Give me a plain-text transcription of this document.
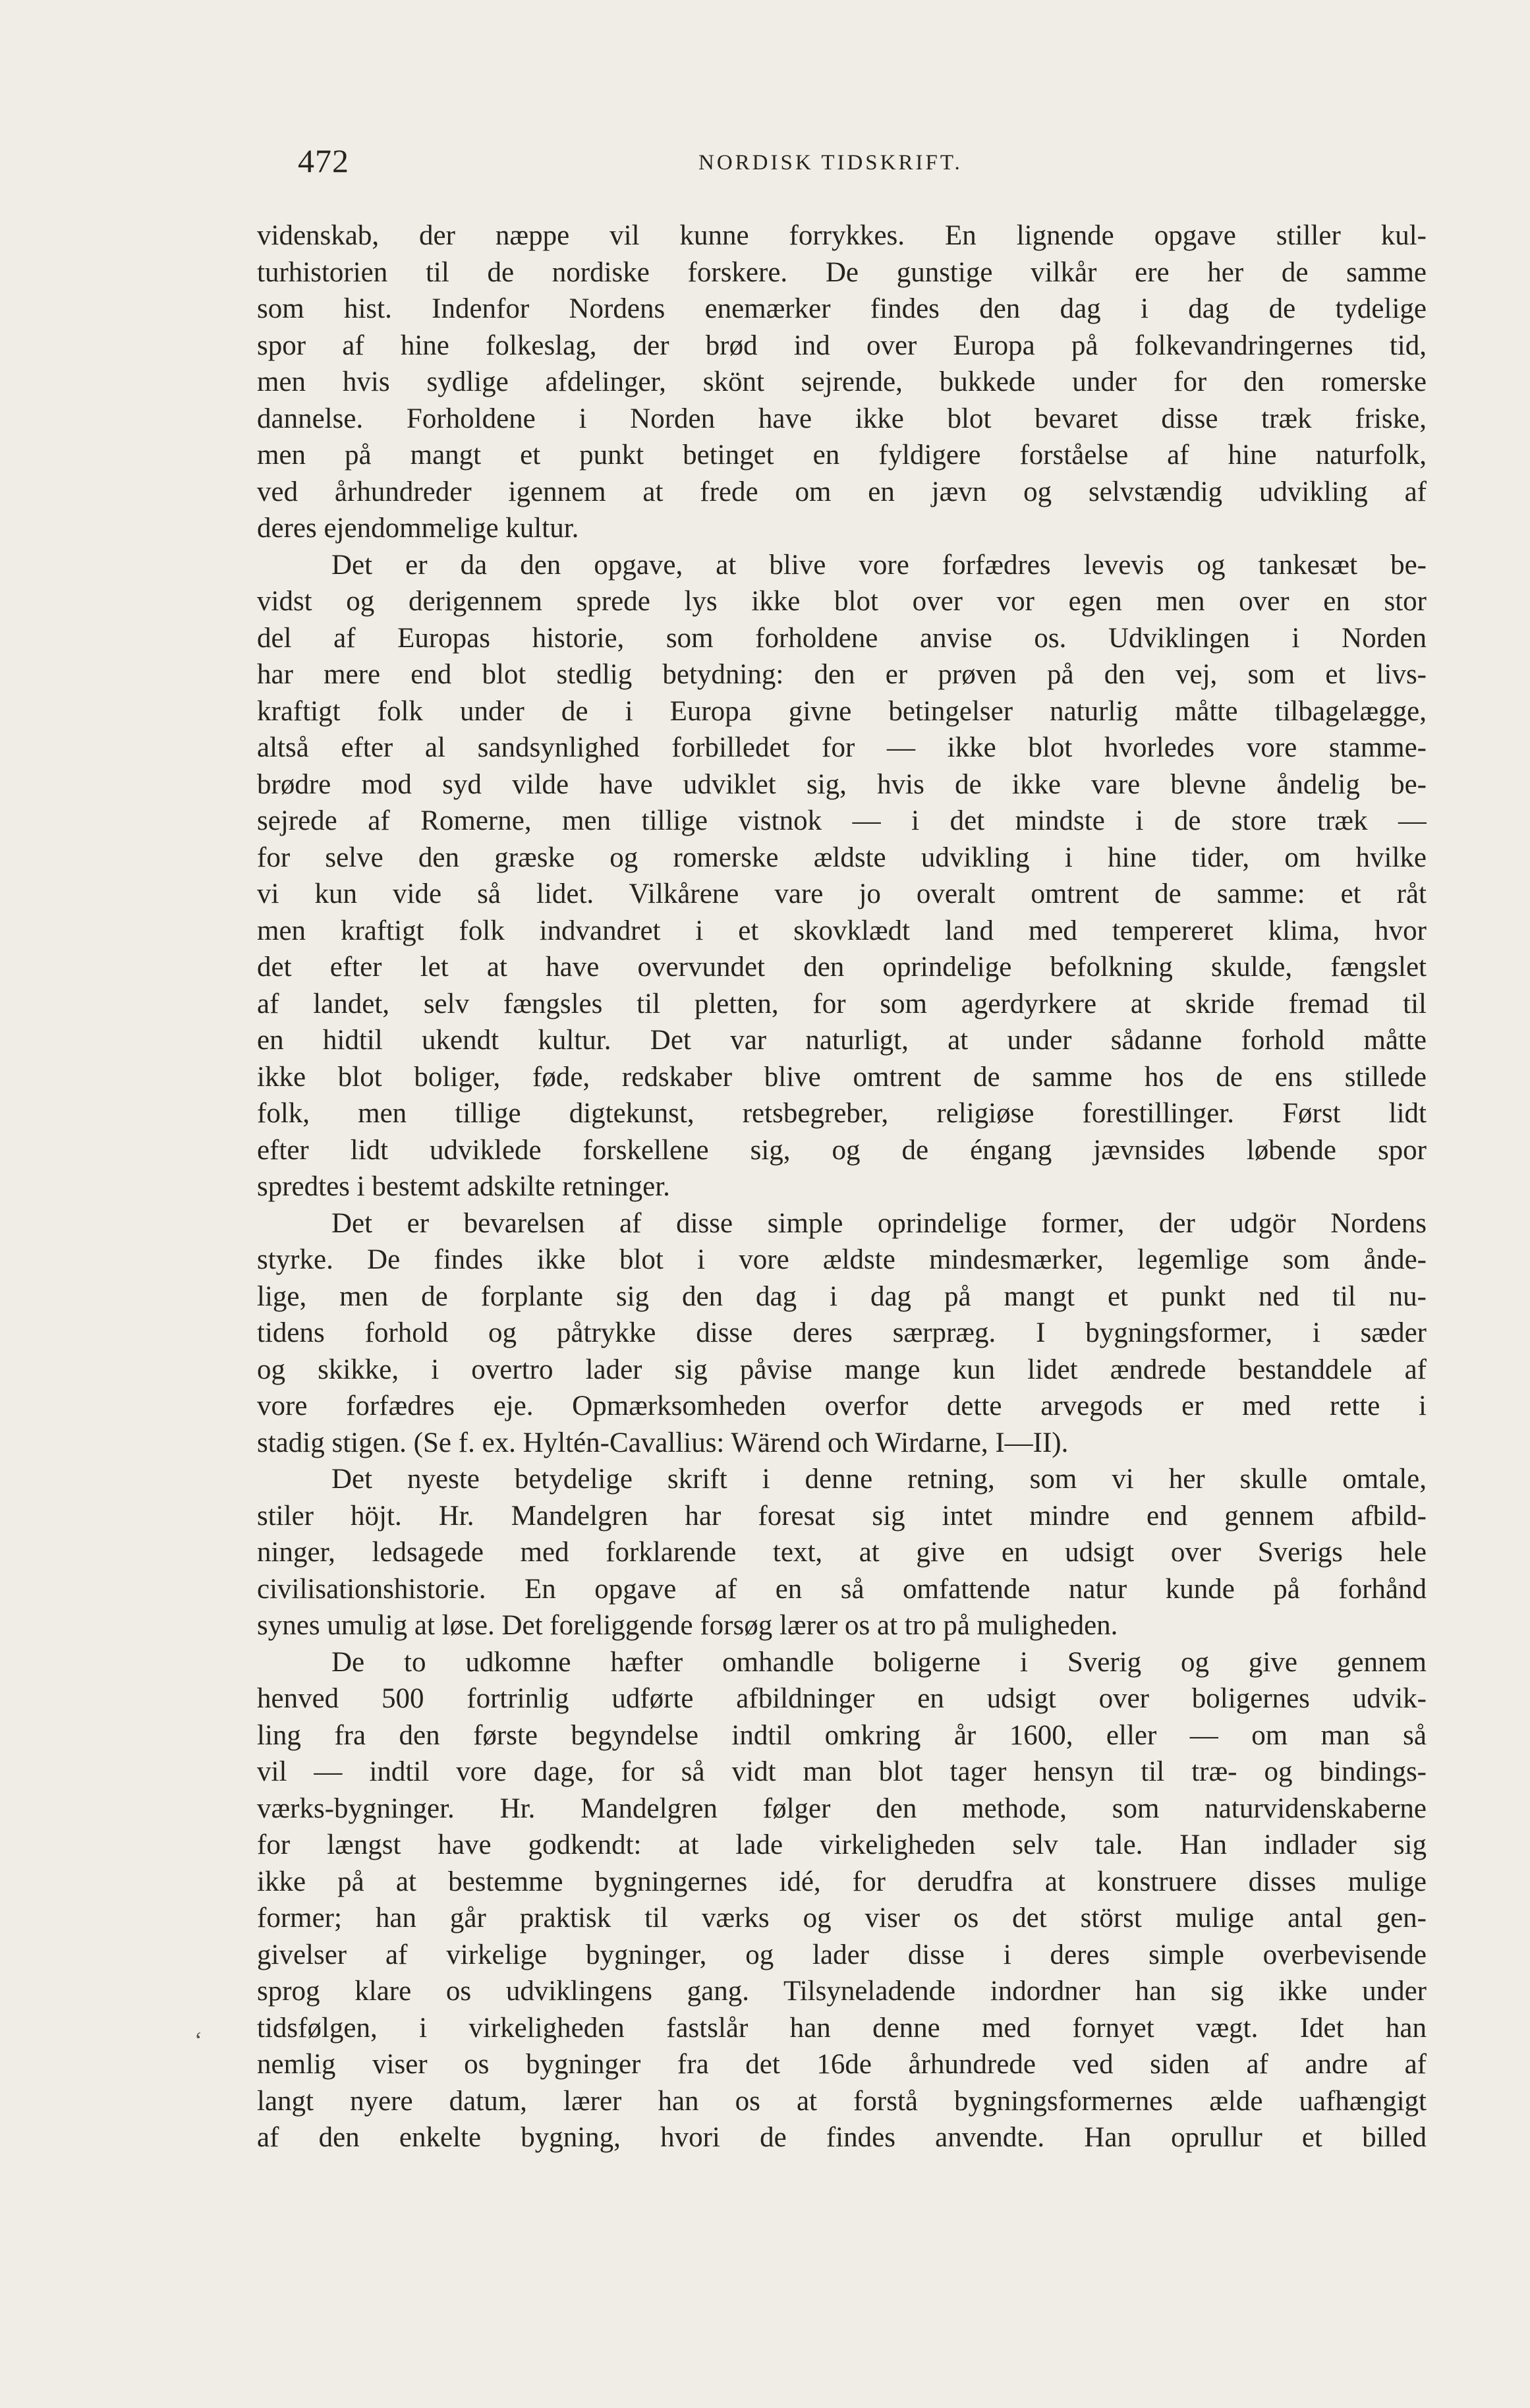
472	NORDISK TIDSKRIFT.
videnskab, der næppe vil kunne forrykkes. En lignende opgave stiller kul-
turhistorien til de nordiske forskere. De gunstige vilkår ere her de samme
som hist. Indenfor Nordens enemærker findes den dag i dag de tydelige
spor af hine folkeslag, der brød ind over Europa på folkevandringernes tid,
men hvis sydlige afdelinger, skönt sejrende, bukkede under for den romerske
dannelse. Forholdene i Norden have ikke blot bevaret disse træk friske,
men på mangt et punkt betinget en fyldigere forståelse af hine naturfolk,
ved århundreder igennem at frede om en jævn og selvstændig udvikling af
deres ejendommelige kultur.
Det er da den opgave, at blive vore forfædres levevis og tankesæt be-
vidst og derigennem sprede lys ikke blot over vor egen men over en stor
del af Europas historie, som forholdene anvise os. Udviklingen i Norden
har mere end blot stedlig betydning: den er prøven på den vej, som et livs-
kraftigt folk under de i Europa givne betingelser naturlig måtte tilbagelægge,
altså efter al sandsynlighed forbilledet for — ikke blot hvorledes vore stamme-
brødre mod syd vilde have udviklet sig, hvis de ikke vare blevne åndelig be-
sejrede af Romerne, men tillige vistnok — i det mindste i de store træk —
for selve den græske og romerske ældste udvikling i hine tider, om hvilke
vi kun vide så lidet. Vilkårene vare jo overalt omtrent de samme: et råt
men kraftigt folk indvandret i et skovklædt land med tempereret klima, hvor
det efter let at have overvundet den oprindelige befolkning skulde, fængslet
af landet, selv fængsles til pletten, for som agerdyrkere at skride fremad til
en hidtil ukendt kultur. Det var naturligt, at under sådanne forhold måtte
ikke blot boliger, føde, redskaber blive omtrent de samme hos de ens stillede
folk, men tillige digtekunst, retsbegreber, religiøse forestillinger. Først lidt
efter lidt udviklede forskellene sig, og de éngang jævnsides løbende spor
spredtes i bestemt adskilte retninger.
Det er bevarelsen af disse simple oprindelige former, der udgör Nordens
styrke. De findes ikke blot i vore ældste mindesmærker, legemlige som ånde-
lige, men de forplante sig den dag i dag på mangt et punkt ned til nu-
tidens forhold og påtrykke disse deres særpræg. I bygningsformer, i sæder
og skikke, i overtro lader sig påvise mange kun lidet ændrede bestanddele af
vore forfædres eje. Opmærksomheden overfor dette arvegods er med rette i
stadig stigen. (Se f. ex. Hyltén-Cavallius: Wärend och Wirdarne, I—II).
Det nyeste betydelige skrift i denne retning, som vi her skulle omtale,
stiler höjt. Hr. Mandelgren har foresat sig intet mindre end gennem afbild-
ninger, ledsagede med forklarende text, at give en udsigt over Sverigs hele
civilisationshistorie. En opgave af en så omfattende natur kunde på forhånd
synes umulig at løse. Det foreliggende forsøg lærer os at tro på muligheden.
De to udkomne hæfter omhandle boligerne i Sverig og give gennem
henved 500 fortrinlig udførte afbildninger en udsigt over boligernes udvik-
ling fra den første begyndelse indtil omkring år 1600, eller — om man så
vil — indtil vore dage, for så vidt man blot tager hensyn til træ- og bindings-
værks-bygninger. Hr. Mandelgren følger den methode, som naturvidenskaberne
for længst have godkendt: at lade virkeligheden selv tale. Han indlader sig
ikke på at bestemme bygningernes idé, for derudfra at konstruere disses mulige
former; han går praktisk til værks og viser os det störst mulige antal gen-
givelser af virkelige bygninger, og lader disse i deres simple overbevisende
sprog klare os udviklingens gang. Tilsyneladende indordner han sig ikke under
tidsfølgen, i virkeligheden fastslår han denne med fornyet vægt. Idet han
nemlig viser os bygninger fra det 16de århundrede ved siden af andre af
langt nyere datum, lærer han os at forstå bygningsformernes ælde uafhængigt
af den enkelte bygning, hvori de findes anvendte. Han oprullur et billed
‘
